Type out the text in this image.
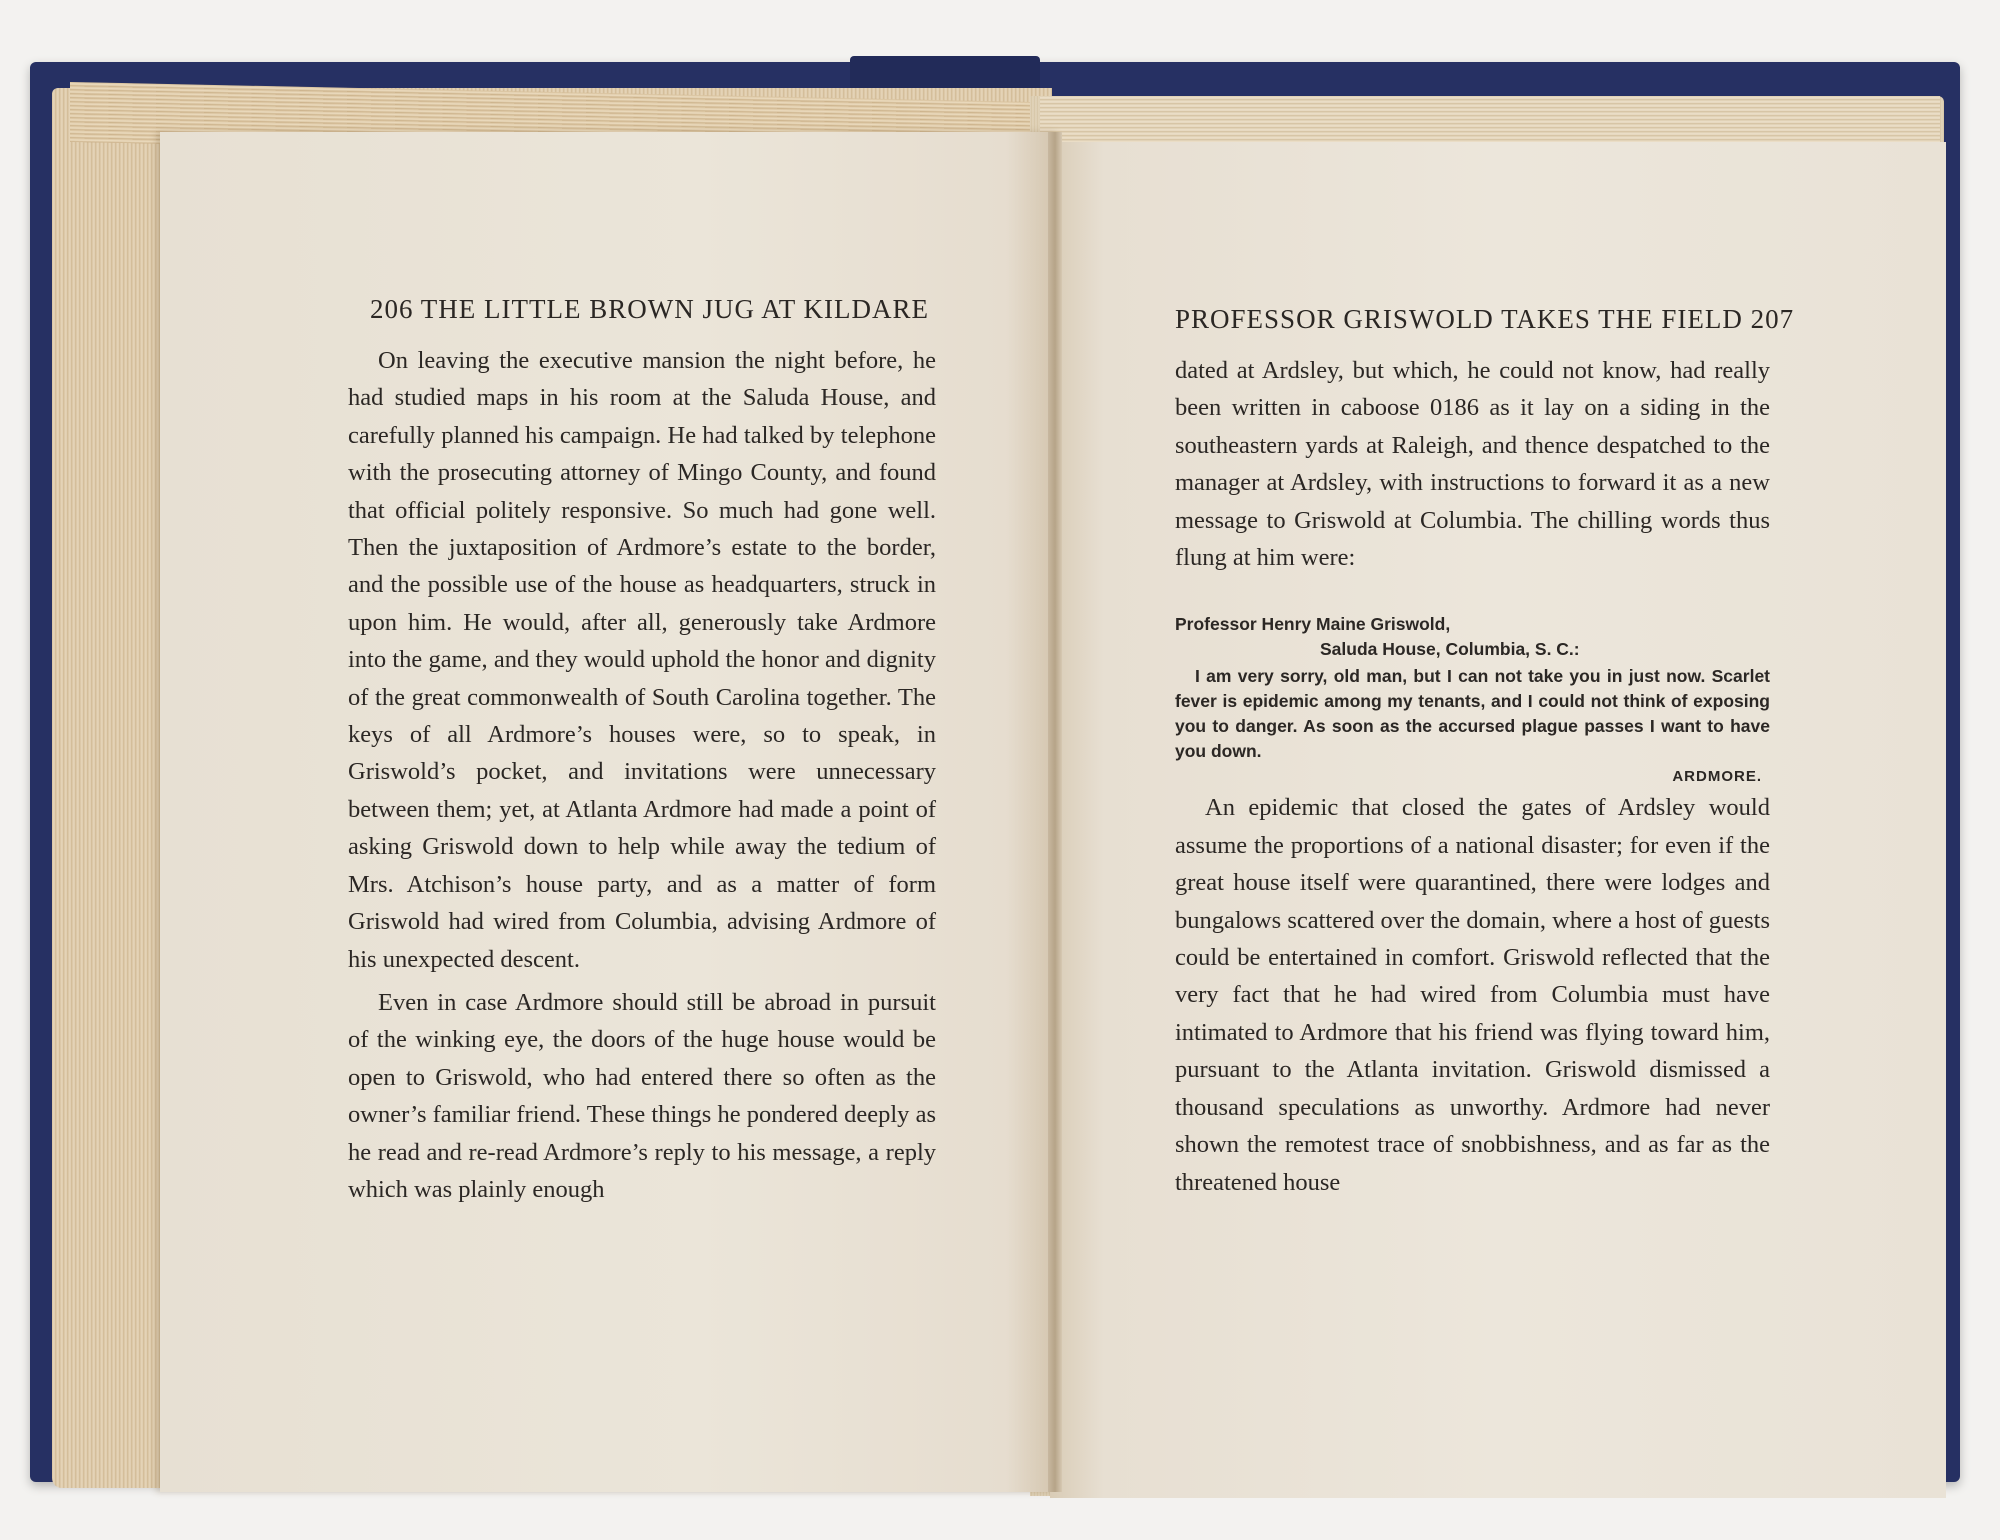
206 THE LITTLE BROWN JUG AT KILDARE

On leaving the executive mansion the night before, he had studied maps in his room at the Saluda House, and carefully planned his campaign. He had talked by telephone with the prosecuting attorney of Mingo County, and found that official politely responsive. So much had gone well. Then the juxtaposition of Ardmore’s estate to the border, and the possible use of the house as headquarters, struck in upon him. He would, after all, generously take Ardmore into the game, and they would uphold the honor and dignity of the great commonwealth of South Carolina together. The keys of all Ardmore’s houses were, so to speak, in Griswold’s pocket, and invitations were unnecessary between them; yet, at Atlanta Ardmore had made a point of asking Griswold down to help while away the tedium of Mrs. Atchison’s house party, and as a matter of form Griswold had wired from Columbia, advising Ardmore of his unexpected descent.

Even in case Ardmore should still be abroad in pursuit of the winking eye, the doors of the huge house would be open to Griswold, who had entered there so often as the owner’s familiar friend. These things he pondered deeply as he read and re-read Ardmore’s reply to his message, a reply which was plainly enough

PROFESSOR GRISWOLD TAKES THE FIELD 207

dated at Ardsley, but which, he could not know, had really been written in caboose 0186 as it lay on a siding in the southeastern yards at Raleigh, and thence despatched to the manager at Ardsley, with instructions to forward it as a new message to Griswold at Columbia. The chilling words thus flung at him were:

Professor Henry Maine Griswold,
Saluda House, Columbia, S. C.:
I am very sorry, old man, but I can not take you in just now. Scarlet fever is epidemic among my tenants, and I could not think of exposing you to danger. As soon as the accursed plague passes I want to have you down.
ARDMORE.

An epidemic that closed the gates of Ardsley would assume the proportions of a national disaster; for even if the great house itself were quarantined, there were lodges and bungalows scattered over the domain, where a host of guests could be entertained in comfort. Griswold reflected that the very fact that he had wired from Columbia must have intimated to Ardmore that his friend was flying toward him, pursuant to the Atlanta invitation. Griswold dismissed a thousand speculations as unworthy. Ardmore had never shown the remotest trace of snobbishness, and as far as the threatened house
